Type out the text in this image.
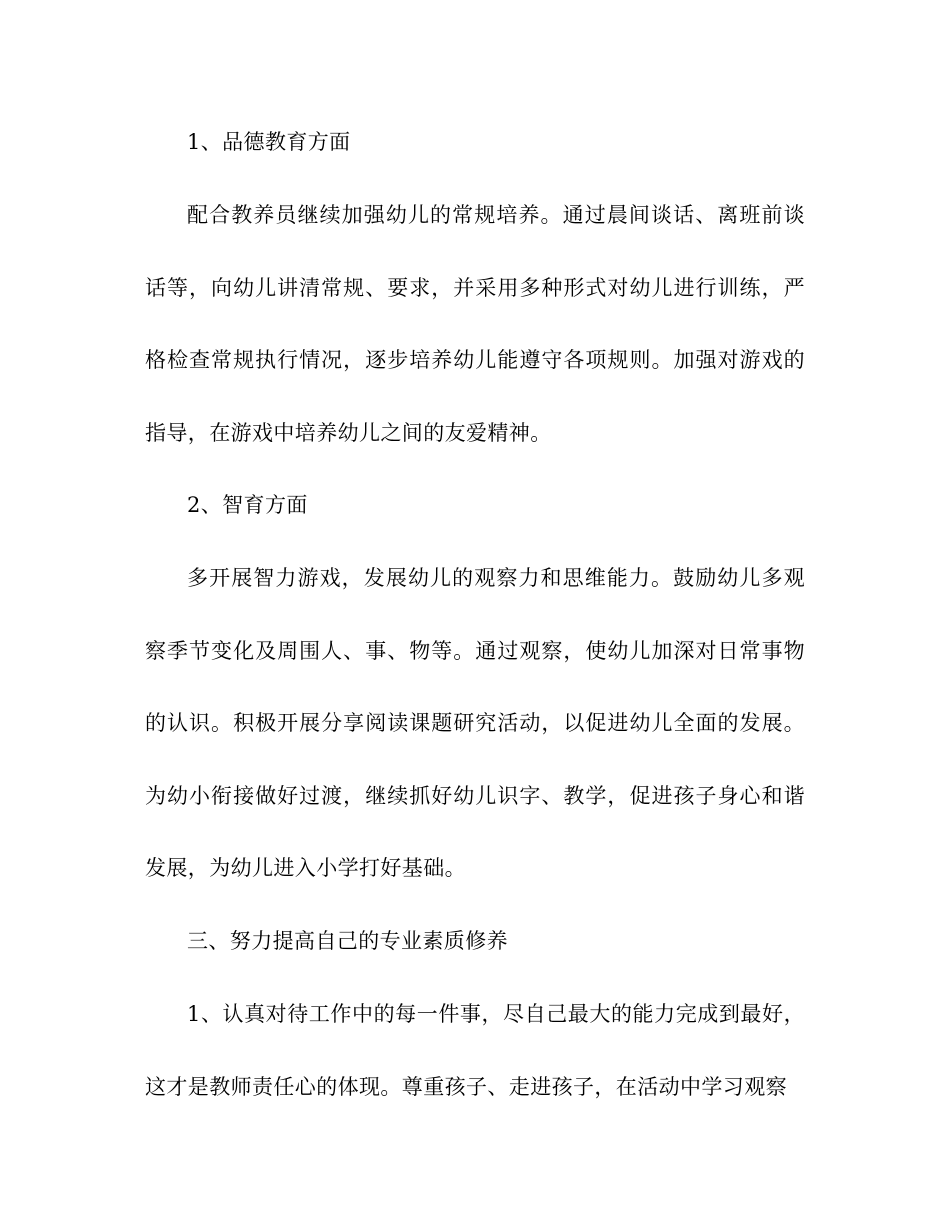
1、品德教育方面

配合教养员继续加强幼儿的常规培养。通过晨间谈话、离班前谈话等，向幼儿讲清常规、要求，并采用多种形式对幼儿进行训练，严格检查常规执行情况，逐步培养幼儿能遵守各项规则。加强对游戏的指导，在游戏中培养幼儿之间的友爱精神。

2、智育方面

多开展智力游戏，发展幼儿的观察力和思维能力。鼓励幼儿多观察季节变化及周围人、事、物等。通过观察，使幼儿加深对日常事物的认识。积极开展分享阅读课题研究活动，以促进幼儿全面的发展。为幼小衔接做好过渡，继续抓好幼儿识字、教学，促进孩子身心和谐发展，为幼儿进入小学打好基础。

三、努力提高自己的专业素质修养

1、认真对待工作中的每一件事，尽自己最大的能力完成到最好，这才是教师责任心的体现。尊重孩子、走进孩子，在活动中学习观察
